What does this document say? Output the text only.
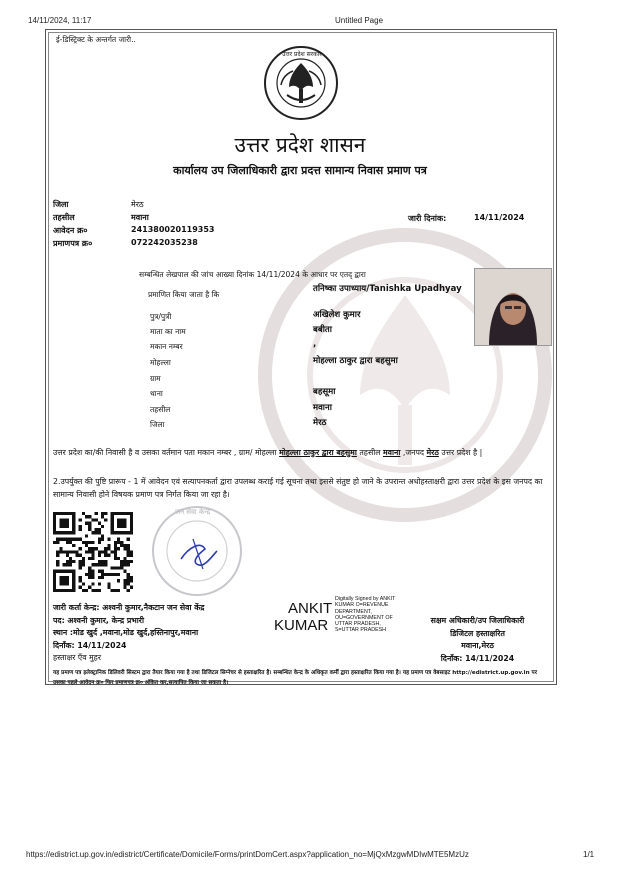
14/11/2024, 11:17	Untitled Page
ई-डिस्ट्रिक्ट के अन्तर्गत जारी..
उत्तर प्रदेश सरकार
उत्तर प्रदेश शासन
कार्यालय उप जिलाधिकारी द्वारा प्रदत्त सामान्य निवास प्रमाण पत्र
जिला	मेरठ
तहसील	मवाना
आवेदन क्र०	241380020119353
प्रमाणपत्र क्र०	072242035238
जारी दिनांक:	14/11/2024
सम्बन्धित लेखपाल की जांच आख्या दिनांक 14/11/2024 के आधार पर एतद् द्वारा
प्रमाणित किया जाता है कि
तनिष्का उपाध्याय/Tanishka Upadhyay
पुत्र/पुत्री	अखिलेश कुमार
माता का नाम	बबीता
मकान नम्बर	,
मोहल्ला	मोहल्ला ठाकुर द्वारा बहसुमा
ग्राम
थाना	बहसूमा
तहसील	मवाना
जिला	मेरठ
उत्तर प्रदेश का/की निवासी है व उसका वर्तमान पता मकान नम्बर , ग्राम/ मोहल्ला मोहल्ला ठाकुर द्वारा बहसुमा तहसील मवाना ,जनपद मेरठ उत्तर प्रदेश है |
2.उपर्युक्त की पुष्टि प्रारूप - 1 में आवेदन एवं सत्यापनकर्ता द्वारा उपलब्ध कराई गई सूचना तथा इससे संतुष्ट हो जाने के उपरान्त अधोहस्ताक्षरी द्वारा उत्तर प्रदेश के इस जनपद का सामान्य निवासी होने विषयक प्रमाण पत्र निर्गत किया जा रहा है।
जन सेवा केन्द्र
जारी कर्ता केन्द्र: अश्वनी कुमार,नैकटान जन सेवा केंद्र
पद: अश्वनी कुमार, केन्द्र प्रभारी
स्थान :मोड खुर्द ,मवाना,मोड खुर्द,हस्तिनापुर,मवाना
दिनाँक: 14/11/2024
हस्ताक्षर एँव मुहर
ANKIT
KUMAR
Digitally Signed by ANKIT
KUMAR O=REVENUE
DEPARTMENT,
OU=GOVERNMENT OF
UTTAR PRADESH,
S=UTTAR PRADESH
सक्षम अधिकारी/उप जिलाधिकारी
डिजिटल हस्ताक्षरित
मवाना,मेरठ
दिनाँक: 14/11/2024
यह प्रमाण पत्र इलेक्ट्रानिक डिलिवरी सिस्टम द्वारा तैयार किया गया है तथा डिजिटल सिग्नेचर से हस्ताक्षरित है। सम्बन्धित केन्द्र के अधिकृत कर्मी द्वारा हस्ताक्षरित किया गया है। यह प्रमाण पत्र वेबसाइट http://edistrict.up.gov.in पर उसका पहले आवेदन क्र० फिर प्रमाणपत्र क्र० अंकित कर,सत्यापित किया जा सकता है।
https://edistrict.up.gov.in/edistrict/Certificate/Domicile/Forms/printDomCert.aspx?application_no=MjQxMzgwMDIwMTE5MzUz	1/1
